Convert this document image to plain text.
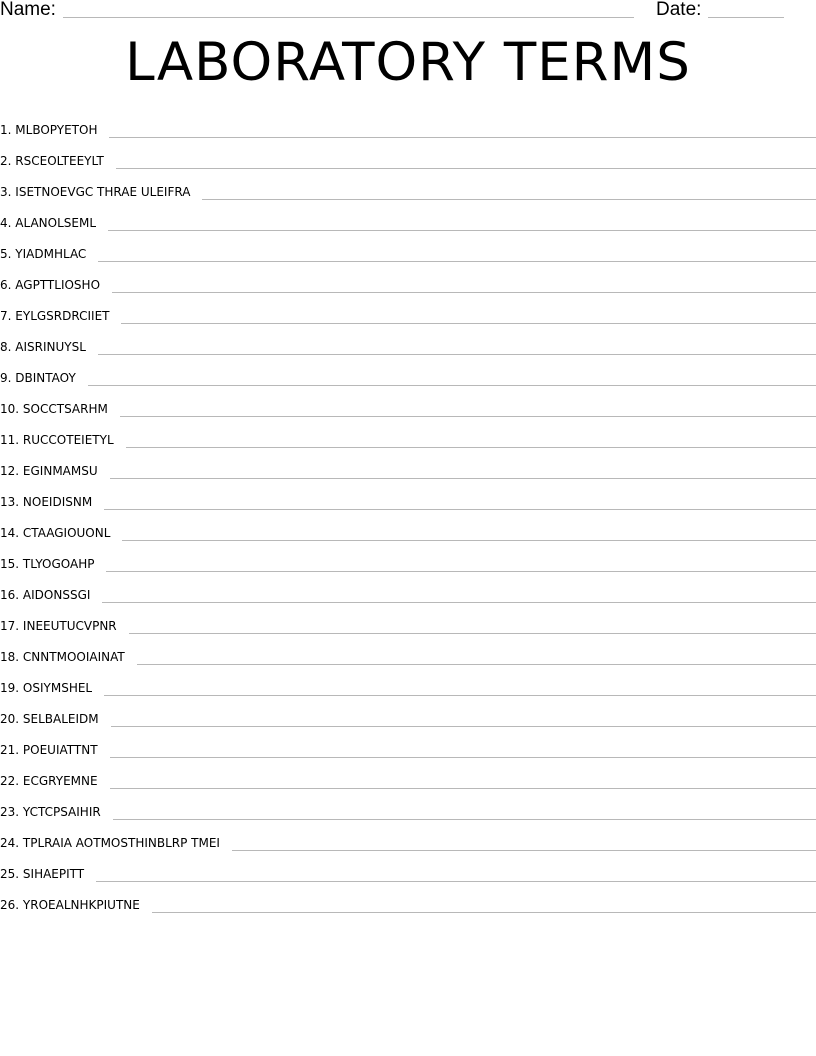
Name:	Date:
LABORATORY TERMS
1. MLBOPYETOH
2. RSCEOLTEEYLT
3. ISETNOEVGC THRAE ULEIFRA
4. ALANOLSEML
5. YIADMHLAC
6. AGPTTLIOSHO
7. EYLGSRDRCIIET
8. AISRINUYSL
9. DBINTAOY
10. SOCCTSARHM
11. RUCCOTEIETYL
12. EGINMAMSU
13. NOEIDISNM
14. CTAAGIOUONL
15. TLYOGOAHP
16. AIDONSSGI
17. INEEUTUCVPNR
18. CNNTMOOIAINAT
19. OSIYMSHEL
20. SELBALEIDM
21. POEUIATTNT
22. ECGRYEMNE
23. YCTCPSAIHIR
24. TPLRAIA AOTMOSTHINBLRP TMEI
25. SIHAEPITT
26. YROEALNHKPIUTNE
